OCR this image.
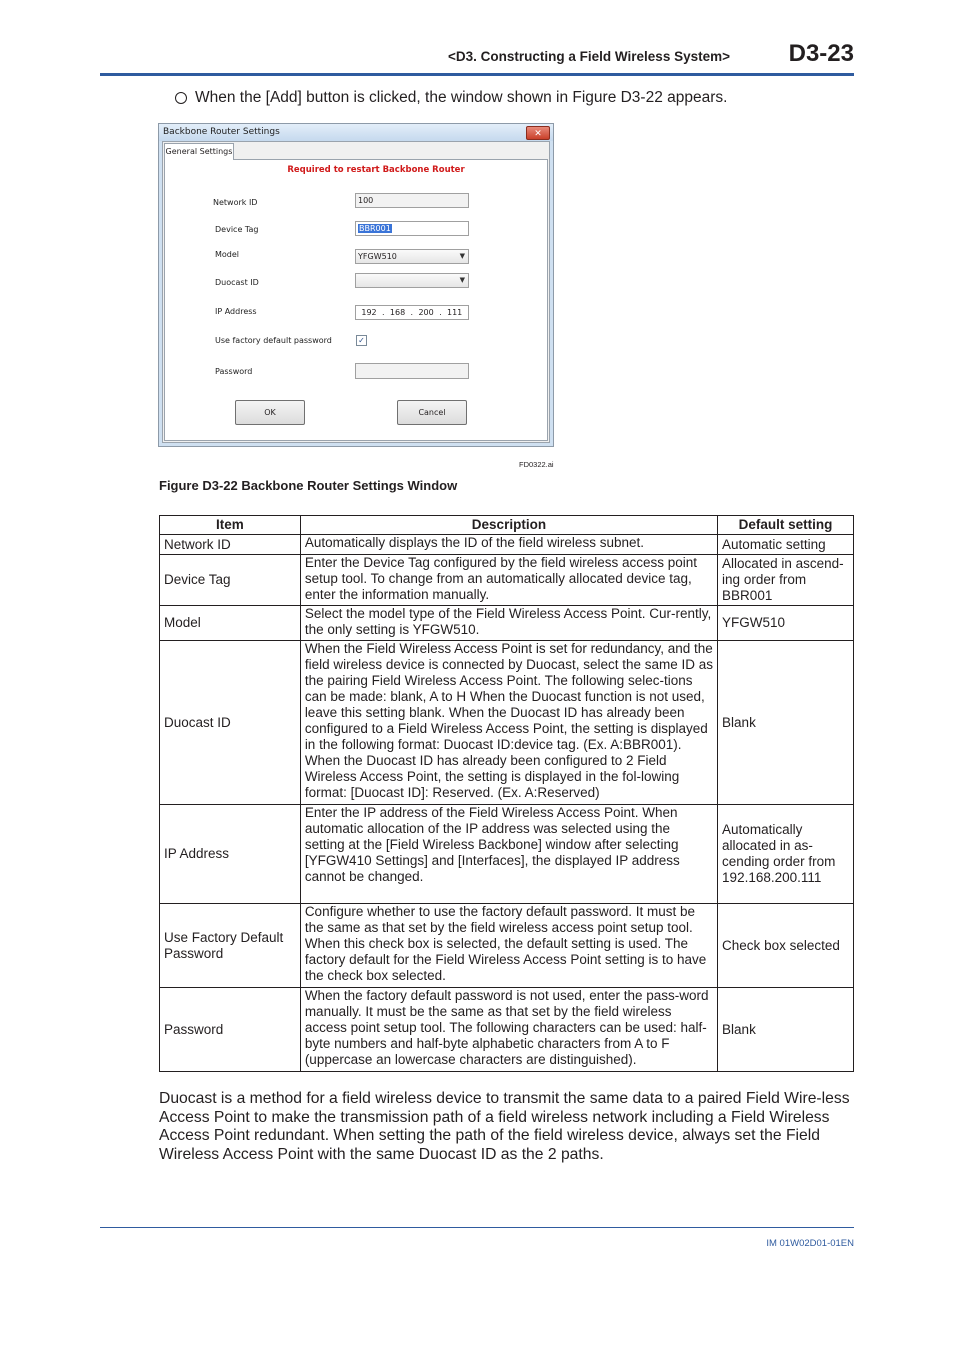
<D3. Constructing a Field Wireless System>	D3-23
When the [Add] button is clicked, the window shown in Figure D3-22 appears.
Backbone Router Settings	✕
General Settings
Required to restart Backbone Router
Network ID	100
Device Tag	BBR001
Model	YFGW510	▼
Duocast ID	▼
IP Address	192 . 168 . 200 . 111
Use factory default password	✓
Password
OK	Cancel
FD0322.ai
Figure D3-22 Backbone Router Settings Window
Item	Description	Default setting
Network ID	Automatically displays the ID of the field wireless subnet.	Automatic setting
Device Tag	Enter the Device Tag configured by the field wireless access point setup tool. To change from an automatically allocated device tag, enter the information manually.	Allocated in ascend-ing order from BBR001
Model	Select the model type of the Field Wireless Access Point. Cur-rently, the only setting is YFGW510.	YFGW510
Duocast ID	When the Field Wireless Access Point is set for redundancy, and the field wireless device is connected by Duocast, select the same ID as the pairing Field Wireless Access Point. The following selec-tions can be made: blank, A to H When the Duocast function is not used, leave this setting blank. When the Duocast ID has already been configured to a Field Wireless Access Point, the setting is displayed in the following format: Duocast ID:device tag. (Ex. A:BBR001). When the Duocast ID has already been configured to 2 Field Wireless Access Point, the setting is displayed in the fol-lowing format: [Duocast ID]: Reserved. (Ex. A:Reserved)	Blank
IP Address	Enter the IP address of the Field Wireless Access Point. When automatic allocation of the IP address was selected using the setting at the [Field Wireless Backbone] window after selecting [YFGW410 Settings] and [Interfaces], the displayed IP address cannot be changed.	Automatically allocated in as-cending order from 192.168.200.111
Use Factory Default Password	Configure whether to use the factory default password. It must be the same as that set by the field wireless access point setup tool. When this check box is selected, the default setting is used. The factory default for the Field Wireless Access Point setting is to have the check box selected.	Check box selected
Password	When the factory default password is not used, enter the pass-word manually. It must be the same as that set by the field wireless access point setup tool. The following characters can be used: half-byte numbers and half-byte alphabetic characters from A to F (uppercase an lowercase characters are distinguished).	Blank
Duocast is a method for a field wireless device to transmit the same data to a paired Field Wire-less Access Point to make the transmission path of a field wireless network including a Field Wireless Access Point redundant. When setting the path of the field wireless device, always set the Field Wireless Access Point with the same Duocast ID as the 2 paths.
IM 01W02D01-01EN
